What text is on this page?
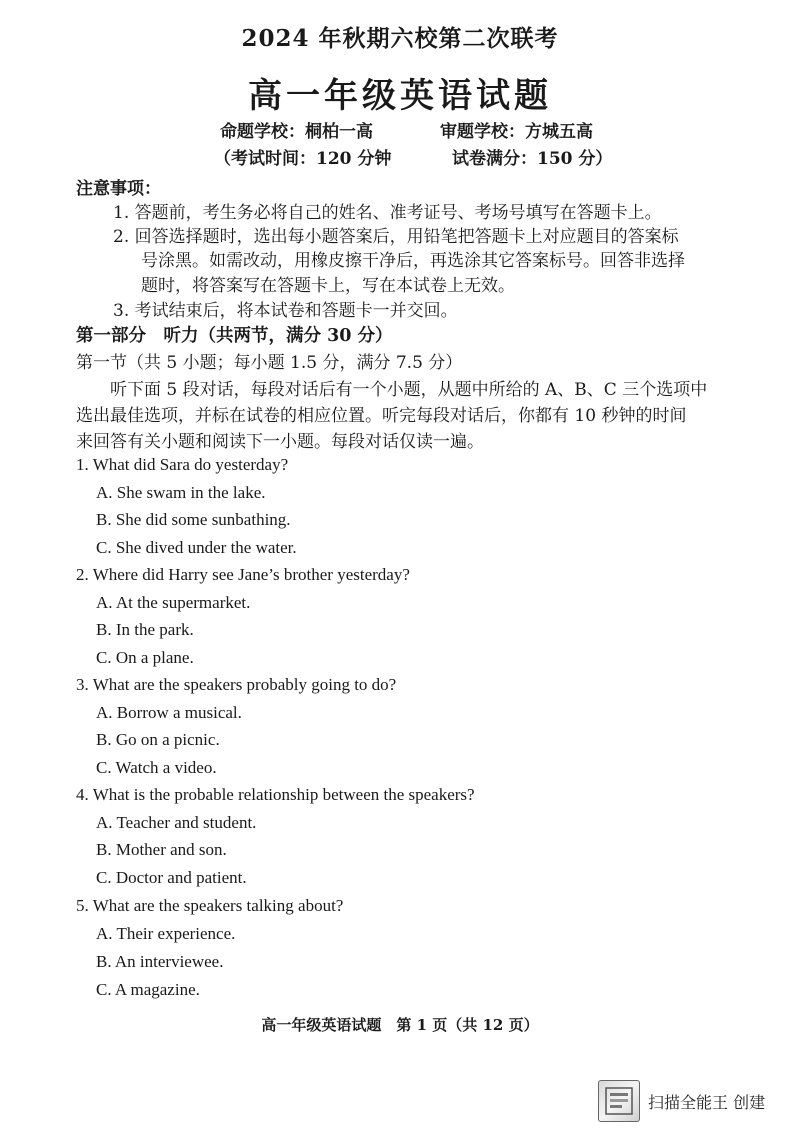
2024 年秋期六校第二次联考
高一年级英语试题
命题学校：桐柏一高	审题学校：方城五高
（考试时间：120 分钟	试卷满分：150 分）
注意事项：
1. 答题前，考生务必将自己的姓名、准考证号、考场号填写在答题卡上。
2. 回答选择题时，选出每小题答案后，用铅笔把答题卡上对应题目的答案标
号涂黑。如需改动，用橡皮擦干净后，再选涂其它答案标号。回答非选择
题时，将答案写在答题卡上，写在本试卷上无效。
3. 考试结束后，将本试卷和答题卡一并交回。
第一部分　听力（共两节，满分 30 分）
第一节（共 5 小题；每小题 1.5 分，满分 7.5 分）
听下面 5 段对话，每段对话后有一个小题，从题中所给的 A、B、C 三个选项中
选出最佳选项，并标在试卷的相应位置。听完每段对话后，你都有 10 秒钟的时间
来回答有关小题和阅读下一小题。每段对话仅读一遍。
1. What did Sara do yesterday?
A. She swam in the lake.
B. She did some sunbathing.
C. She dived under the water.
2. Where did Harry see Jane’s brother yesterday?
A. At the supermarket.
B. In the park.
C. On a plane.
3. What are the speakers probably going to do?
A. Borrow a musical.
B. Go on a picnic.
C. Watch a video.
4. What is the probable relationship between the speakers?
A. Teacher and student.
B. Mother and son.
C. Doctor and patient.
5. What are the speakers talking about?
A. Their experience.
B. An interviewee.
C. A magazine.
高一年级英语试题　第 1 页（共 12 页）
扫描全能王 创建
